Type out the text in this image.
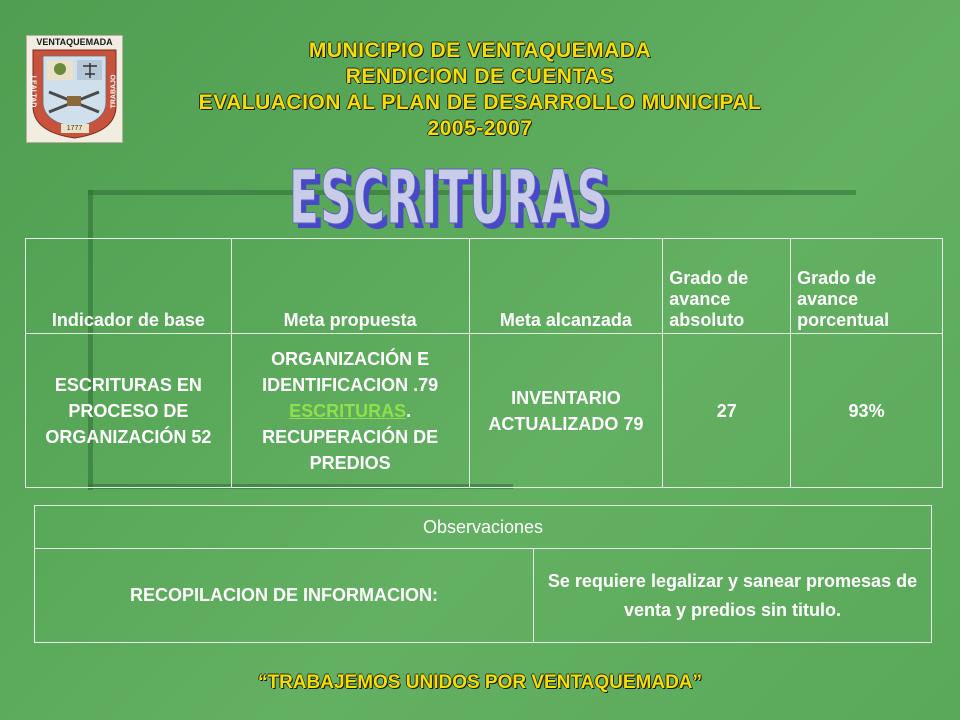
VENTAQUEMADA
LEALTAD	TRABAJO
1777
MUNICIPIO DE VENTAQUEMADA
RENDICION DE CUENTAS
EVALUACION AL PLAN DE DESARROLLO MUNICIPAL
2005-2007
ESCRITURAS
ESCRITURAS
Indicador de base	Meta propuesta	Meta alcanzada	Grado de avance absoluto	Grado de avance porcentual
ESCRITURAS EN PROCESO DE ORGANIZACIÓN 52	ORGANIZACIÓN E IDENTIFICACION .79 ESCRITURAS. RECUPERACIÓN DE PREDIOS	INVENTARIO ACTUALIZADO 79	27	93%
Observaciones
RECOPILACION DE INFORMACION:	Se requiere legalizar y sanear promesas de venta y predios sin titulo.
“TRABAJEMOS UNIDOS POR VENTAQUEMADA”
